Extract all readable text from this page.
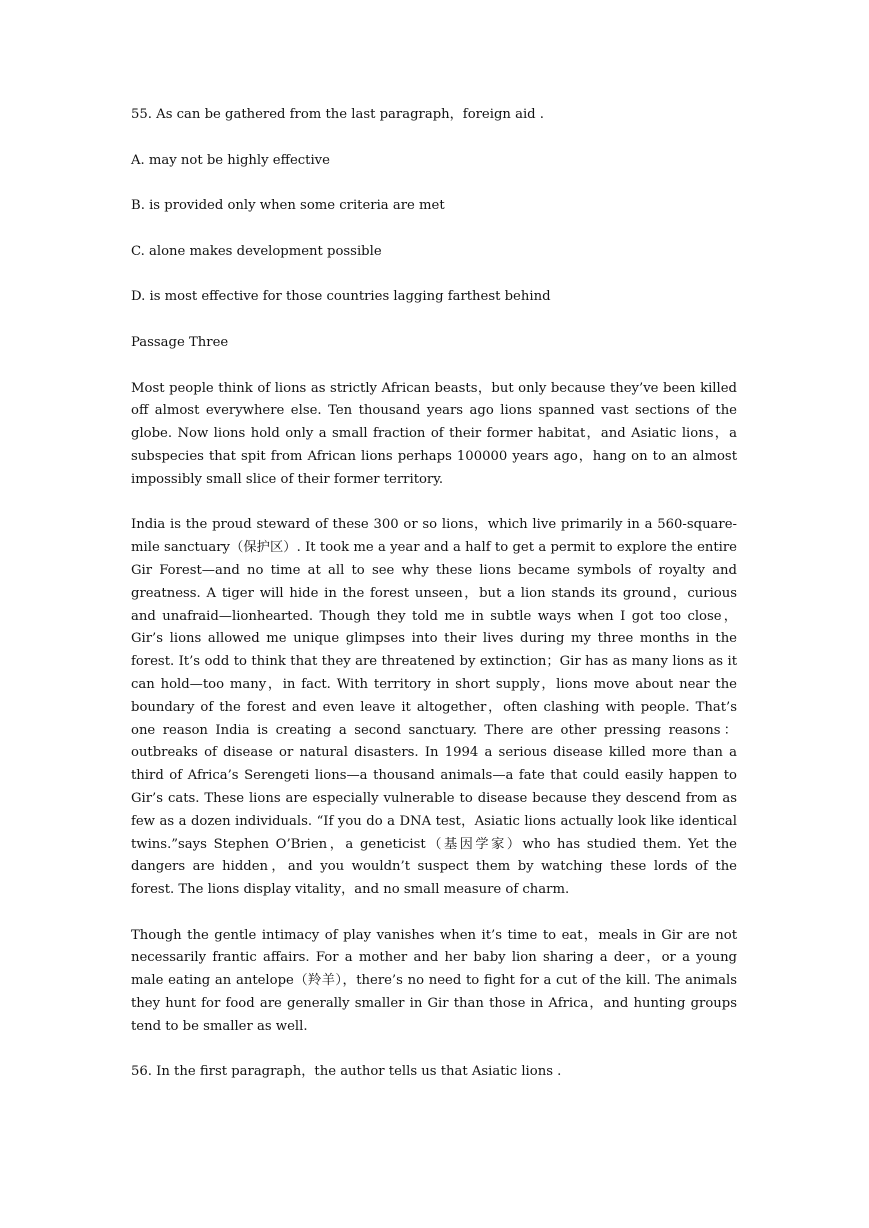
55. As can be gathered from the last paragraph，foreign aid .
A. may not be highly effective
B. is provided only when some criteria are met
C. alone makes development possible
D. is most effective for those countries lagging farthest behind
Passage Three

Most people think of lions as strictly African beasts，but only because they’ve been killed off almost everywhere else. Ten thousand years ago lions spanned vast sections of the globe. Now lions hold only a small fraction of their former habitat，and Asiatic lions，a subspecies that spit from African lions perhaps 100000 years ago，hang on to an almost impossibly small slice of their former territory.

India is the proud steward of these 300 or so lions，which live primarily in a 560-square-mile sanctuary（保护区）. It took me a year and a half to get a permit to explore the entire Gir Forest—and no time at all to see why these lions became symbols of royalty and greatness. A tiger will hide in the forest unseen，but a lion stands its ground，curious and unafraid—lionhearted. Though they told me in subtle ways when I got too close，Gir’s lions allowed me unique glimpses into their lives during my three months in the forest. It’s odd to think that they are threatened by extinction；Gir has as many lions as it can hold—too many，in fact. With territory in short supply，lions move about near the boundary of the forest and even leave it altogether，often clashing with people. That’s one reason India is creating a second sanctuary. There are other pressing reasons：outbreaks of disease or natural disasters. In 1994 a serious disease killed more than a third of Africa’s Serengeti lions—a thousand animals—a fate that could easily happen to Gir’s cats. These lions are especially vulnerable to disease because they descend from as few as a dozen individuals. “If you do a DNA test，Asiatic lions actually look like identical twins.”says Stephen O’Brien，a geneticist（基因学家）who has studied them. Yet the dangers are hidden，and you wouldn’t suspect them by watching these lords of the forest. The lions display vitality，and no small measure of charm.

Though the gentle intimacy of play vanishes when it’s time to eat，meals in Gir are not necessarily frantic affairs. For a mother and her baby lion sharing a deer，or a young male eating an antelope（羚羊），there’s no need to fight for a cut of the kill. The animals they hunt for food are generally smaller in Gir than those in Africa，and hunting groups tend to be smaller as well.

56. In the first paragraph，the author tells us that Asiatic lions .
